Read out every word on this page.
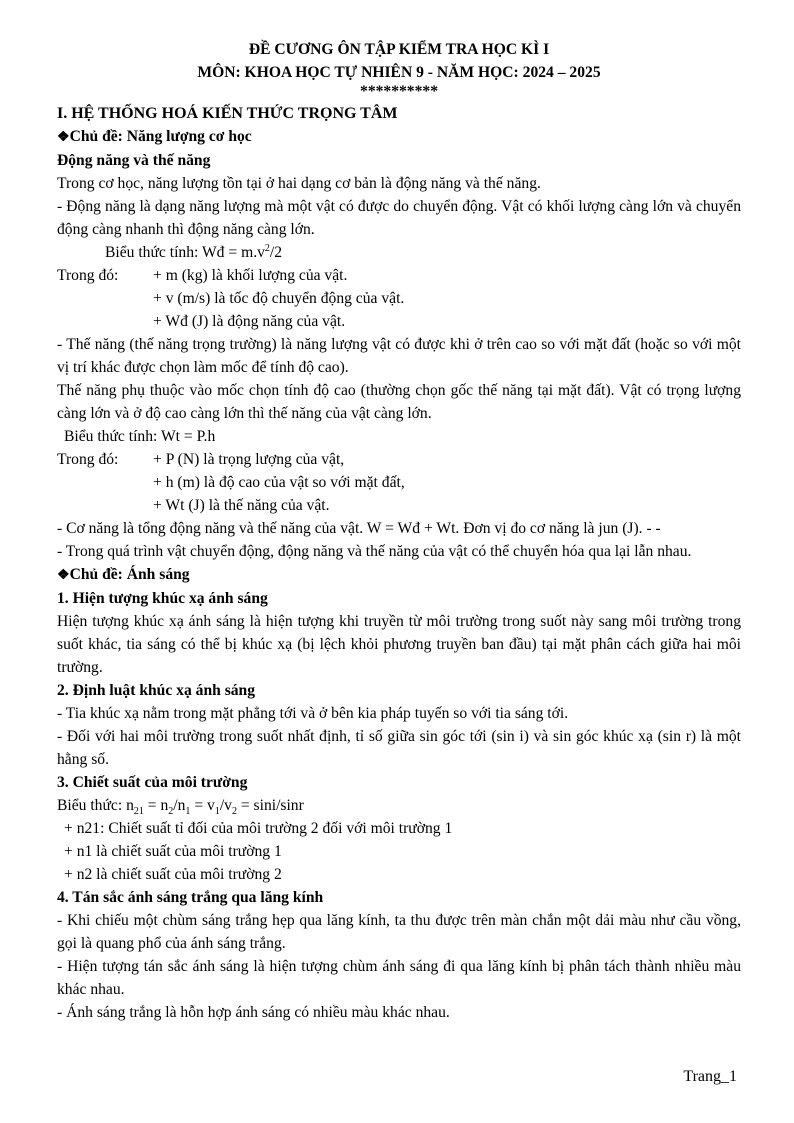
ĐỀ CƯƠNG ÔN TẬP KIỂM TRA HỌC KÌ I
MÔN: KHOA HỌC TỰ NHIÊN 9 - NĂM HỌC: 2024 – 2025
**********
I. HỆ THỐNG HOÁ KIẾN THỨC TRỌNG TÂM
❖Chủ đề: Năng lượng cơ học
Động năng và thế năng
Trong cơ học, năng lượng tồn tại ở hai dạng cơ bản là động năng và thế năng.
- Động năng là dạng năng lượng mà một vật có được do chuyển động. Vật có khối lượng càng lớn và chuyển động càng nhanh thì động năng càng lớn.
Biểu thức tính: Wđ = $m.v^2/2$
Trong đó:	+ m (kg) là khối lượng của vật.
+ v (m/s) là tốc độ chuyển động của vật.
+ Wđ (J) là động năng của vật.
- Thế năng (thế năng trọng trường) là năng lượng vật có được khi ở trên cao so với mặt đất (hoặc so với một vị trí khác được chọn làm mốc để tính độ cao).
Thế năng phụ thuộc vào mốc chọn tính độ cao (thường chọn gốc thế năng tại mặt đất). Vật có trọng lượng càng lớn và ở độ cao càng lớn thì thế năng của vật càng lớn.
Biểu thức tính: Wt = P.h
Trong đó:	+ P (N) là trọng lượng của vật,
+ h (m) là độ cao của vật so với mặt đất,
+ Wt (J) là thế năng của vật.
- Cơ năng là tổng động năng và thế năng của vật. W = Wđ + Wt. Đơn vị đo cơ năng là jun (J). - -
- Trong quá trình vật chuyển động, động năng và thế năng của vật có thể chuyển hóa qua lại lẫn nhau.
❖Chủ đề: Ánh sáng
1. Hiện tượng khúc xạ ánh sáng
Hiện tượng khúc xạ ánh sáng là hiện tượng khi truyền từ môi trường trong suốt này sang môi trường trong suốt khác, tia sáng có thể bị khúc xạ (bị lệch khỏi phương truyền ban đầu) tại mặt phân cách giữa hai môi trường.
2. Định luật khúc xạ ánh sáng
- Tia khúc xạ nằm trong mặt phẳng tới và ở bên kia pháp tuyến so với tia sáng tới.
- Đối với hai môi trường trong suốt nhất định, tỉ số giữa sin góc tới (sin i) và sin góc khúc xạ (sin r) là một hằng số.
3. Chiết suất của môi trường
Biểu thức: $n_{21} = n_2/n_1 = v_1/v_2 = \sin i/\sin r$
+ n21: Chiết suất tỉ đối của môi trường 2 đối với môi trường 1
+ n1 là chiết suất của môi trường 1
+ n2 là chiết suất của môi trường 2
4. Tán sắc ánh sáng trắng qua lăng kính
- Khi chiếu một chùm sáng trắng hẹp qua lăng kính, ta thu được trên màn chắn một dải màu như cầu vồng, gọi là quang phổ của ánh sáng trắng.
- Hiện tượng tán sắc ánh sáng là hiện tượng chùm ánh sáng đi qua lăng kính bị phân tách thành nhiều màu khác nhau.
- Ánh sáng trắng là hỗn hợp ánh sáng có nhiều màu khác nhau.
Trang_1
